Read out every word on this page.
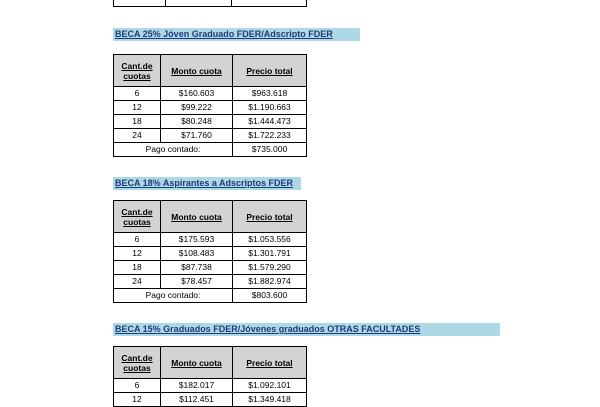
BECA 25% Jóven Graduado FDER/Adscripto FDER
Cant.de cuotas	Monto cuota	Precio total
6	$160.603	$963.618
12	$99.222	$1.190.663
18	$80.248	$1.444.473
24	$71.760	$1.722.233
Pago contado:		$735.000
BECA 18% Aspirantes a Adscriptos FDER
Cant.de cuotas	Monto cuota	Precio total
6	$175.593	$1.053.556
12	$108.483	$1.301.791
18	$87.738	$1.579.290
24	$78.457	$1.882.974
Pago contado:		$803.600
BECA 15% Graduados FDER/Jóvenes graduados OTRAS FACULTADES
Cant.de cuotas	Monto cuota	Precio total
6	$182.017	$1.092.101
12	$112.451	$1.349.418
